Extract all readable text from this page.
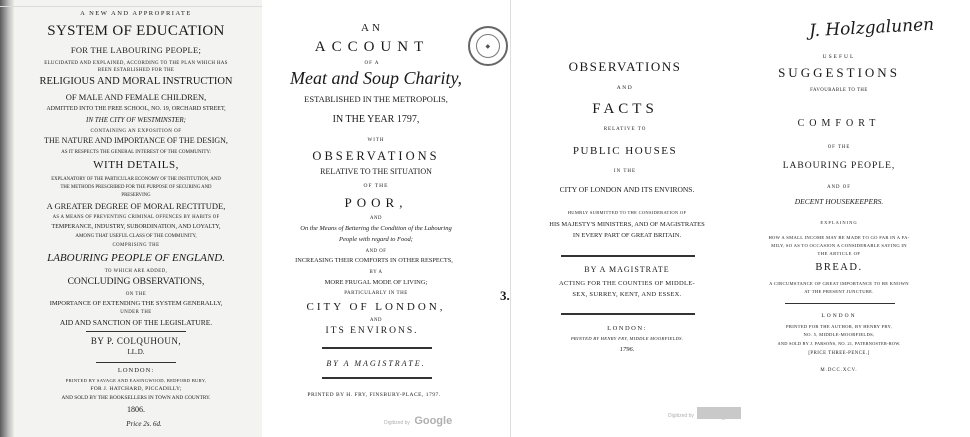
A NEW AND APPROPRIATE
SYSTEM OF EDUCATION
FOR THE LABOURING PEOPLE;
ELUCIDATED AND EXPLAINED, ACCORDING TO THE PLAN WHICH HAS
BEEN ESTABLISHED FOR THE
RELIGIOUS AND MORAL INSTRUCTION
OF MALE AND FEMALE CHILDREN,
ADMITTED INTO THE FREE SCHOOL, NO. 19, ORCHARD STREET,
IN THE CITY OF WESTMINSTER;
CONTAINING AN EXPOSITION OF
THE NATURE AND IMPORTANCE OF THE DESIGN,
AS IT RESPECTS THE GENERAL INTEREST OF THE COMMUNITY:
WITH DETAILS,
EXPLANATORY OF THE PARTICULAR ECONOMY OF THE INSTITUTION, AND
THE METHODS PRESCRIBED FOR THE PURPOSE OF SECURING AND
PRESERVING
A GREATER DEGREE OF MORAL RECTITUDE,
AS A MEANS OF PREVENTING CRIMINAL OFFENCES BY HABITS OF
TEMPERANCE, INDUSTRY, SUBORDINATION, AND LOYALTY,
AMONG THAT USEFUL CLASS OF THE COMMUNITY,
COMPRISING THE
LABOURING PEOPLE OF ENGLAND.
TO WHICH ARE ADDED,
CONCLUDING OBSERVATIONS,
ON THE
IMPORTANCE OF EXTENDING THE SYSTEM GENERALLY,
UNDER THE
AID AND SANCTION OF THE LEGISLATURE.
BY P. COLQUHOUN,
LL.D.
LONDON:
PRINTED BY SAVAGE AND EASINGWOOD, BEDFORD BURY,
FOR J. HATCHARD, PICCADILLY;
AND SOLD BY THE BOOKSELLERS IN TOWN AND COUNTRY.
1806.
Price 2s. 6d.
◆
AN
ACCOUNT
OF A
Meat and Soup Charity,
ESTABLISHED IN THE METROPOLIS,
IN THE YEAR 1797,
WITH
OBSERVATIONS
RELATIVE TO THE SITUATION
OF THE
POOR,
AND
On the Means of Bettering the Condition of the Labouring
People with regard to Food;
AND OF
INCREASING THEIR COMFORTS IN OTHER RESPECTS,
BY A
MORE FRUGAL MODE OF LIVING;
PARTICULARLY IN THE
CITY OF LONDON,
AND
ITS ENVIRONS.
BY A MAGISTRATE.
PRINTED BY H. FRY, FINSBURY-PLACE, 1797.
Digitized by Google
3.
OBSERVATIONS
AND
FACTS
RELATIVE TO
PUBLIC HOUSES
IN THE
CITY OF LONDON AND ITS ENVIRONS.
HUMBLY SUBMITTED TO THE CONSIDERATION OF
HIS MAJESTY'S MINISTERS, AND OF MAGISTRATES
IN EVERY PART OF GREAT BRITAIN.
BY A MAGISTRATE
ACTING FOR THE COUNTIES OF MIDDLE-
SEX, SURREY, KENT, AND ESSEX.
LONDON:
PRINTED BY HENRY FRY, MIDDLE MOORFIELDS.
1796.
Digitized by
J. Holzgalunen
USEFUL
SUGGESTIONS
FAVOURABLE TO THE
COMFORT
OF THE
LABOURING PEOPLE,
AND OF
DECENT HOUSEKEEPERS.
EXPLAINING
HOW A SMALL INCOME MAY BE MADE TO GO FAR IN A FA-
MILY, SO AS TO OCCASION A CONSIDERABLE SAVING IN
THE ARTICLE OF
BREAD.
A CIRCUMSTANCE OF GREAT IMPORTANCE TO BE KNOWN
AT THE PRESENT JUNCTURE.
LONDON
PRINTED FOR THE AUTHOR, BY HENRY FRY,
NO. 5, MIDDLE-MOORFIELDS,
AND SOLD BY J. PARSONS, NO. 21, PATERNOSTER-ROW.
[PRICE THREE-PENCE.]
M.DCC.XCV.
